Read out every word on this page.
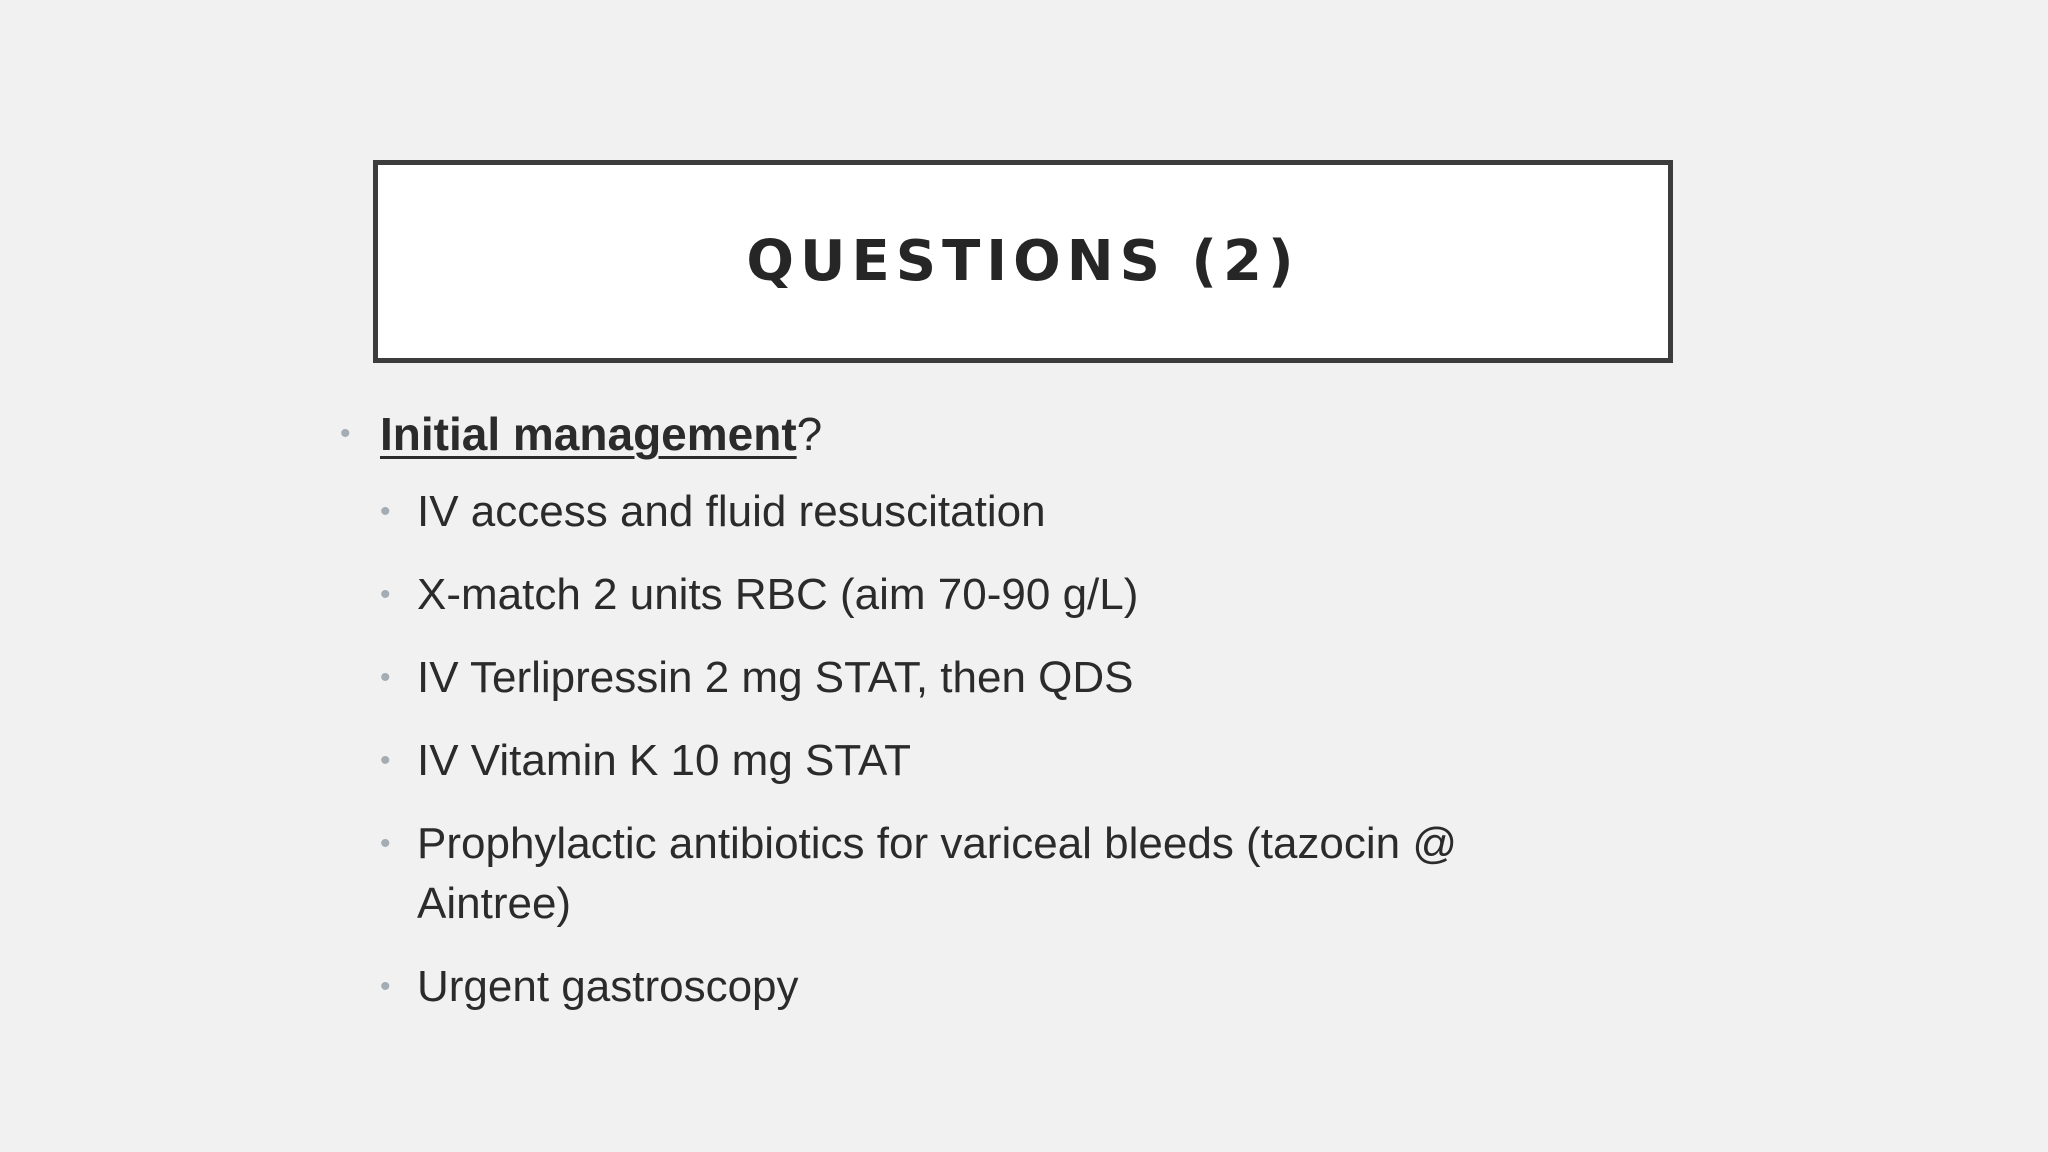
QUESTIONS (2)
• Initial management?
• IV access and fluid resuscitation
• X-match 2 units RBC (aim 70-90 g/L)
• IV Terlipressin 2 mg STAT, then QDS
• IV Vitamin K 10 mg STAT
• Prophylactic antibiotics for variceal bleeds (tazocin @ Aintree)
• Urgent gastroscopy
